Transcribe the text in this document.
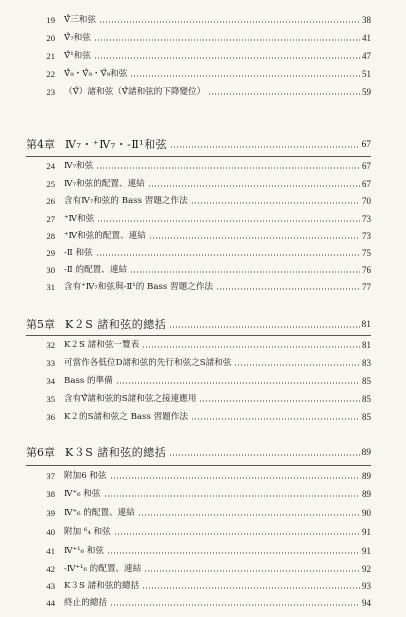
19	Ⅴ̊三和弦	38
20	Ⅴ̊₇和弦	41
21	Ⅴ̊¹和弦	47
22	Ⅴ̊₉・Ⅴ̊₉・Ⅴ̊₉和弦	51
23	（Ⅴ̊）諸和弦（Ⅴ̊諸和弦的下降變位）	59
第4章 Ⅳ₇・⁺Ⅳ₇・-Ⅱ¹和弦	67
24	Ⅳ₇和弦	67
25	Ⅳ₇和弦的配置、連結	67
26	含有Ⅳ₇和弦的 Bass 習題之作法	70
27	⁺Ⅳ和弦	73
28	⁺Ⅳ和弦的配置、連結	73
29	-Ⅱ 和弦	75
30	-Ⅱ 的配置、連結	76
31	含有⁺Ⅳ₇和弦與-Ⅱ¹的 Bass 習題之作法	77
第5章 K２S 諸和弦的總括	81
32	K２S 諸和弦一覽表	81
33	可當作各低位D諸和弦的先行和弦之S諸和弦	83
34	Bass 的準備	85
35	含有Ⅴ̊諸和弦的S諸和弦之接連應用	85
36	K２的S諸和弦之 Bass 習題作法	85
第6章 K３S 諸和弦的總括	89
37	附加6 和弦	89
38	Ⅳ⁺₆ 和弦	89
39	Ⅳ⁺₆ 的配置、連結	90
40	附加 ⁶₄ 和弦	91
41	Ⅳ⁺¹₆ 和弦	91
42	-Ⅳ⁺¹₆ 的配置、連結	92
43	K３S 諸和弦的總括	93
44	終止的總括	94
